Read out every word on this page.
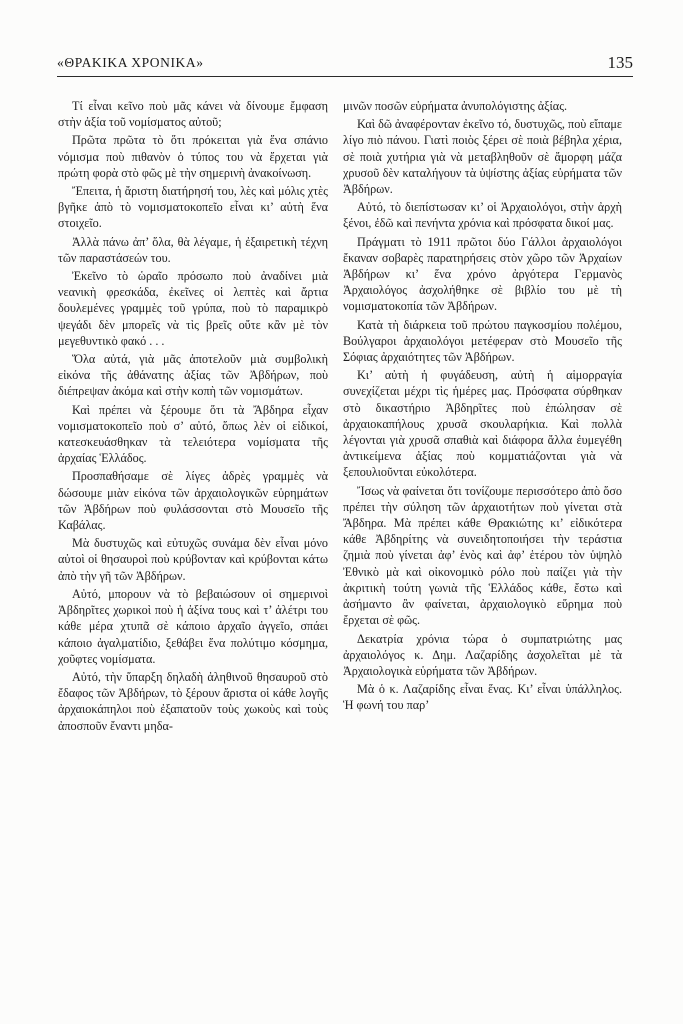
«ΘΡΑΚΙΚΑ ΧΡΟΝΙΚΑ»	135

Τί εἶναι κεῖνο ποὺ μᾶς κάνει νὰ δίνουμε ἔμφαση στὴν ἀξία τοῦ νομίσματος αὐτοῦ;

Πρῶτα πρῶτα τὸ ὅτι πρόκειται γιὰ ἕνα σπάνιο νόμισμα ποὺ πιθανὸν ὁ τύπος του νὰ ἔρχεται γιὰ πρώτη φορὰ στὸ φῶς μὲ τὴν σημερινὴ ἀνακοίνωση.

Ἔπειτα, ἡ ἄριστη διατήρησή του, λὲς καὶ μόλις χτὲς βγῆκε ἀπὸ τὸ νομισματοκοπεῖο εἶναι κι’ αὐτὴ ἕνα στοιχεῖο.

Ἀλλὰ πάνω ἀπ’ ὅλα, θὰ λέγαμε, ἡ ἐξαιρετικὴ τέχνη τῶν παραστάσεών του.

Ἐκεῖνο τὸ ὡραῖο πρόσωπο ποὺ ἀναδίνει μιὰ νεανικὴ φρεσκάδα, ἐκεῖνες οἱ λεπτὲς καὶ ἄρτια δουλεμένες γραμμὲς τοῦ γρύπα, ποὺ τὸ παραμικρὸ ψεγάδι δὲν μπορεῖς νὰ τὶς βρεῖς οὔτε κἂν μὲ τὸν μεγεθυντικὸ φακό . . .

Ὅλα αὐτά, γιὰ μᾶς ἀποτελοῦν μιὰ συμβολικὴ εἰκόνα τῆς ἀθάνατης ἀξίας τῶν Ἀβδήρων, ποὺ διέπρεψαν ἀκόμα καὶ στὴν κοπὴ τῶν νομισμάτων.

Καὶ πρέπει νὰ ξέρουμε ὅτι τὰ Ἄβδηρα εἶχαν νομισματοκοπεῖο ποὺ σ’ αὐτό, ὅπως λὲν οἱ εἰδικοί, κατεσκευάσθηκαν τὰ τελειότερα νομίσματα τῆς ἀρχαίας Ἑλλάδος.

Προσπαθήσαμε σὲ λίγες ἀδρὲς γραμμὲς νὰ δώσουμε μιὰν εἰκόνα τῶν ἀρχαιολογικῶν εὑρημάτων τῶν Ἀβδήρων ποὺ φυλάσσονται στὸ Μουσεῖο τῆς Καβάλας.

Μὰ δυστυχῶς καὶ εὐτυχῶς συνάμα δὲν εἶναι μόνο αὐτοὶ οἱ θησαυροὶ ποὺ κρύβονταν καὶ κρύβονται κάτω ἀπὸ τὴν γῆ τῶν Ἀβδήρων.

Αὐτό, μπορουν νὰ τὸ βεβαιώσουν οἱ σημερινοὶ Ἀβδηρῖτες χωρικοὶ ποὺ ἡ ἀξίνα τους καὶ τ’ ἀλέτρι του κάθε μέρα χτυπᾶ σὲ κάποιο ἀρχαῖο ἀγγεῖο, σπάει κάποιο ἀγαλματίδιο, ξεθάβει ἕνα πολύτιμο κόσμημα, χοῦφτες νομίσματα.

Αὐτό, τὴν ὕπαρξη δηλαδὴ ἀληθινοῦ θησαυροῦ στὸ ἔδαφος τῶν Ἀβδήρων, τὸ ξέρουν ἄριστα οἱ κάθε λογῆς ἀρχαιοκάπηλοι ποὺ ἐξαπατοῦν τοὺς χωκοὺς καὶ τοὺς ἀποσποῦν ἔναντι μηδα-

μινῶν ποσῶν εὑρήματα ἀνυπολόγιστης ἀξίας.

Καὶ δῶ ἀναφέρονταν ἐκεῖνο τό, δυστυχῶς, ποὺ εἴπαμε λίγο πιὸ πάνου. Γιατὶ ποιὸς ξέρει σὲ ποιὰ βέβηλα χέρια, σὲ ποιὰ χυτήρια γιὰ νὰ μεταβληθοῦν σὲ ἄμορφη μάζα χρυσοῦ δὲν καταλήγουν τὰ ὑψίστης ἀξίας εὑρήματα τῶν Ἀβδήρων.

Αὐτό, τὸ διεπίστωσαν κι’ οἱ Ἀρχαιολόγοι, στὴν ἀρχὴ ξένοι, ἐδῶ καὶ πενήντα χρόνια καὶ πρόσφατα δικοί μας.

Πράγματι τὸ 1911 πρῶτοι δύο Γάλλοι ἀρχαιολόγοι ἔκαναν σοβαρὲς παρατηρήσεις στὸν χῶρο τῶν Ἀρχαίων Ἀβδήρων κι’ ἕνα χρόνο ἀργότερα Γερμανὸς Ἀρχαιολόγος ἀσχολήθηκε σὲ βιβλίο του μὲ τὴ νομισματοκοπία τῶν Ἀβδήρων.

Κατὰ τὴ διάρκεια τοῦ πρώτου παγκοσμίου πολέμου, Βούλγαροι ἀρχαιολόγοι μετέφεραν στὸ Μουσεῖο τῆς Σόφιας ἀρχαιότητες τῶν Ἀβδήρων.

Κι’ αὐτὴ ἡ φυγάδευση, αὐτὴ ἡ αἱμορραγία συνεχίζεται μέχρι τὶς ἡμέρες μας. Πρόσφατα σύρθηκαν στὸ δικαστήριο Ἀβδηρῖτες ποὺ ἐπώλησαν σὲ ἀρχαιοκαπήλους χρυσᾶ σκουλαρήκια. Καὶ πολλὰ λέγονται γιὰ χρυσᾶ σπαθιὰ καὶ διάφορα ἄλλα ἐυμεγέθη ἀντικείμενα ἀξίας ποὺ κομματιάζονται γιὰ νὰ ξεπουλιοῦνται εὐκολότερα.

Ἴσως νὰ φαίνεται ὅτι τονίζουμε περισσότερο ἀπὸ ὅσο πρέπει τὴν σύληση τῶν ἀρχαιοτήτων ποὺ γίνεται στὰ Ἄβδηρα. Μὰ πρέπει κάθε Θρακιώτης κι’ εἰδικότερα κάθε Ἀβδηρίτης νὰ συνειδητοποιήσει τὴν τεράστια ζημιὰ ποὺ γίνεται ἀφ’ ἑνὸς καὶ ἀφ’ ἑτέρου τὸν ὑψηλὸ Ἐθνικὸ μὰ καὶ οἰκονομικὸ ρόλο ποὺ παίζει γιὰ τὴν ἀκριτικὴ τούτη γωνιὰ τῆς Ἑλλάδος κάθε, ἔστω καὶ ἀσήμαντο ἂν φαίνεται, ἀρχαιολογικὸ εὕρημα ποὺ ἔρχεται σὲ φῶς.

Δεκατρία χρόνια τώρα ὁ συμπατριώτης μας ἀρχαιολόγος κ. Δημ. Λαζαρίδης ἀσχολεῖται μὲ τὰ Ἀρχαιολογικὰ εὑρήματα τῶν Ἀβδήρων.

Μὰ ὁ κ. Λαζαρίδης εἶναι ἕνας. Κι’ εἶναι ὑπάλληλος. Ἡ φωνή του παρ’
